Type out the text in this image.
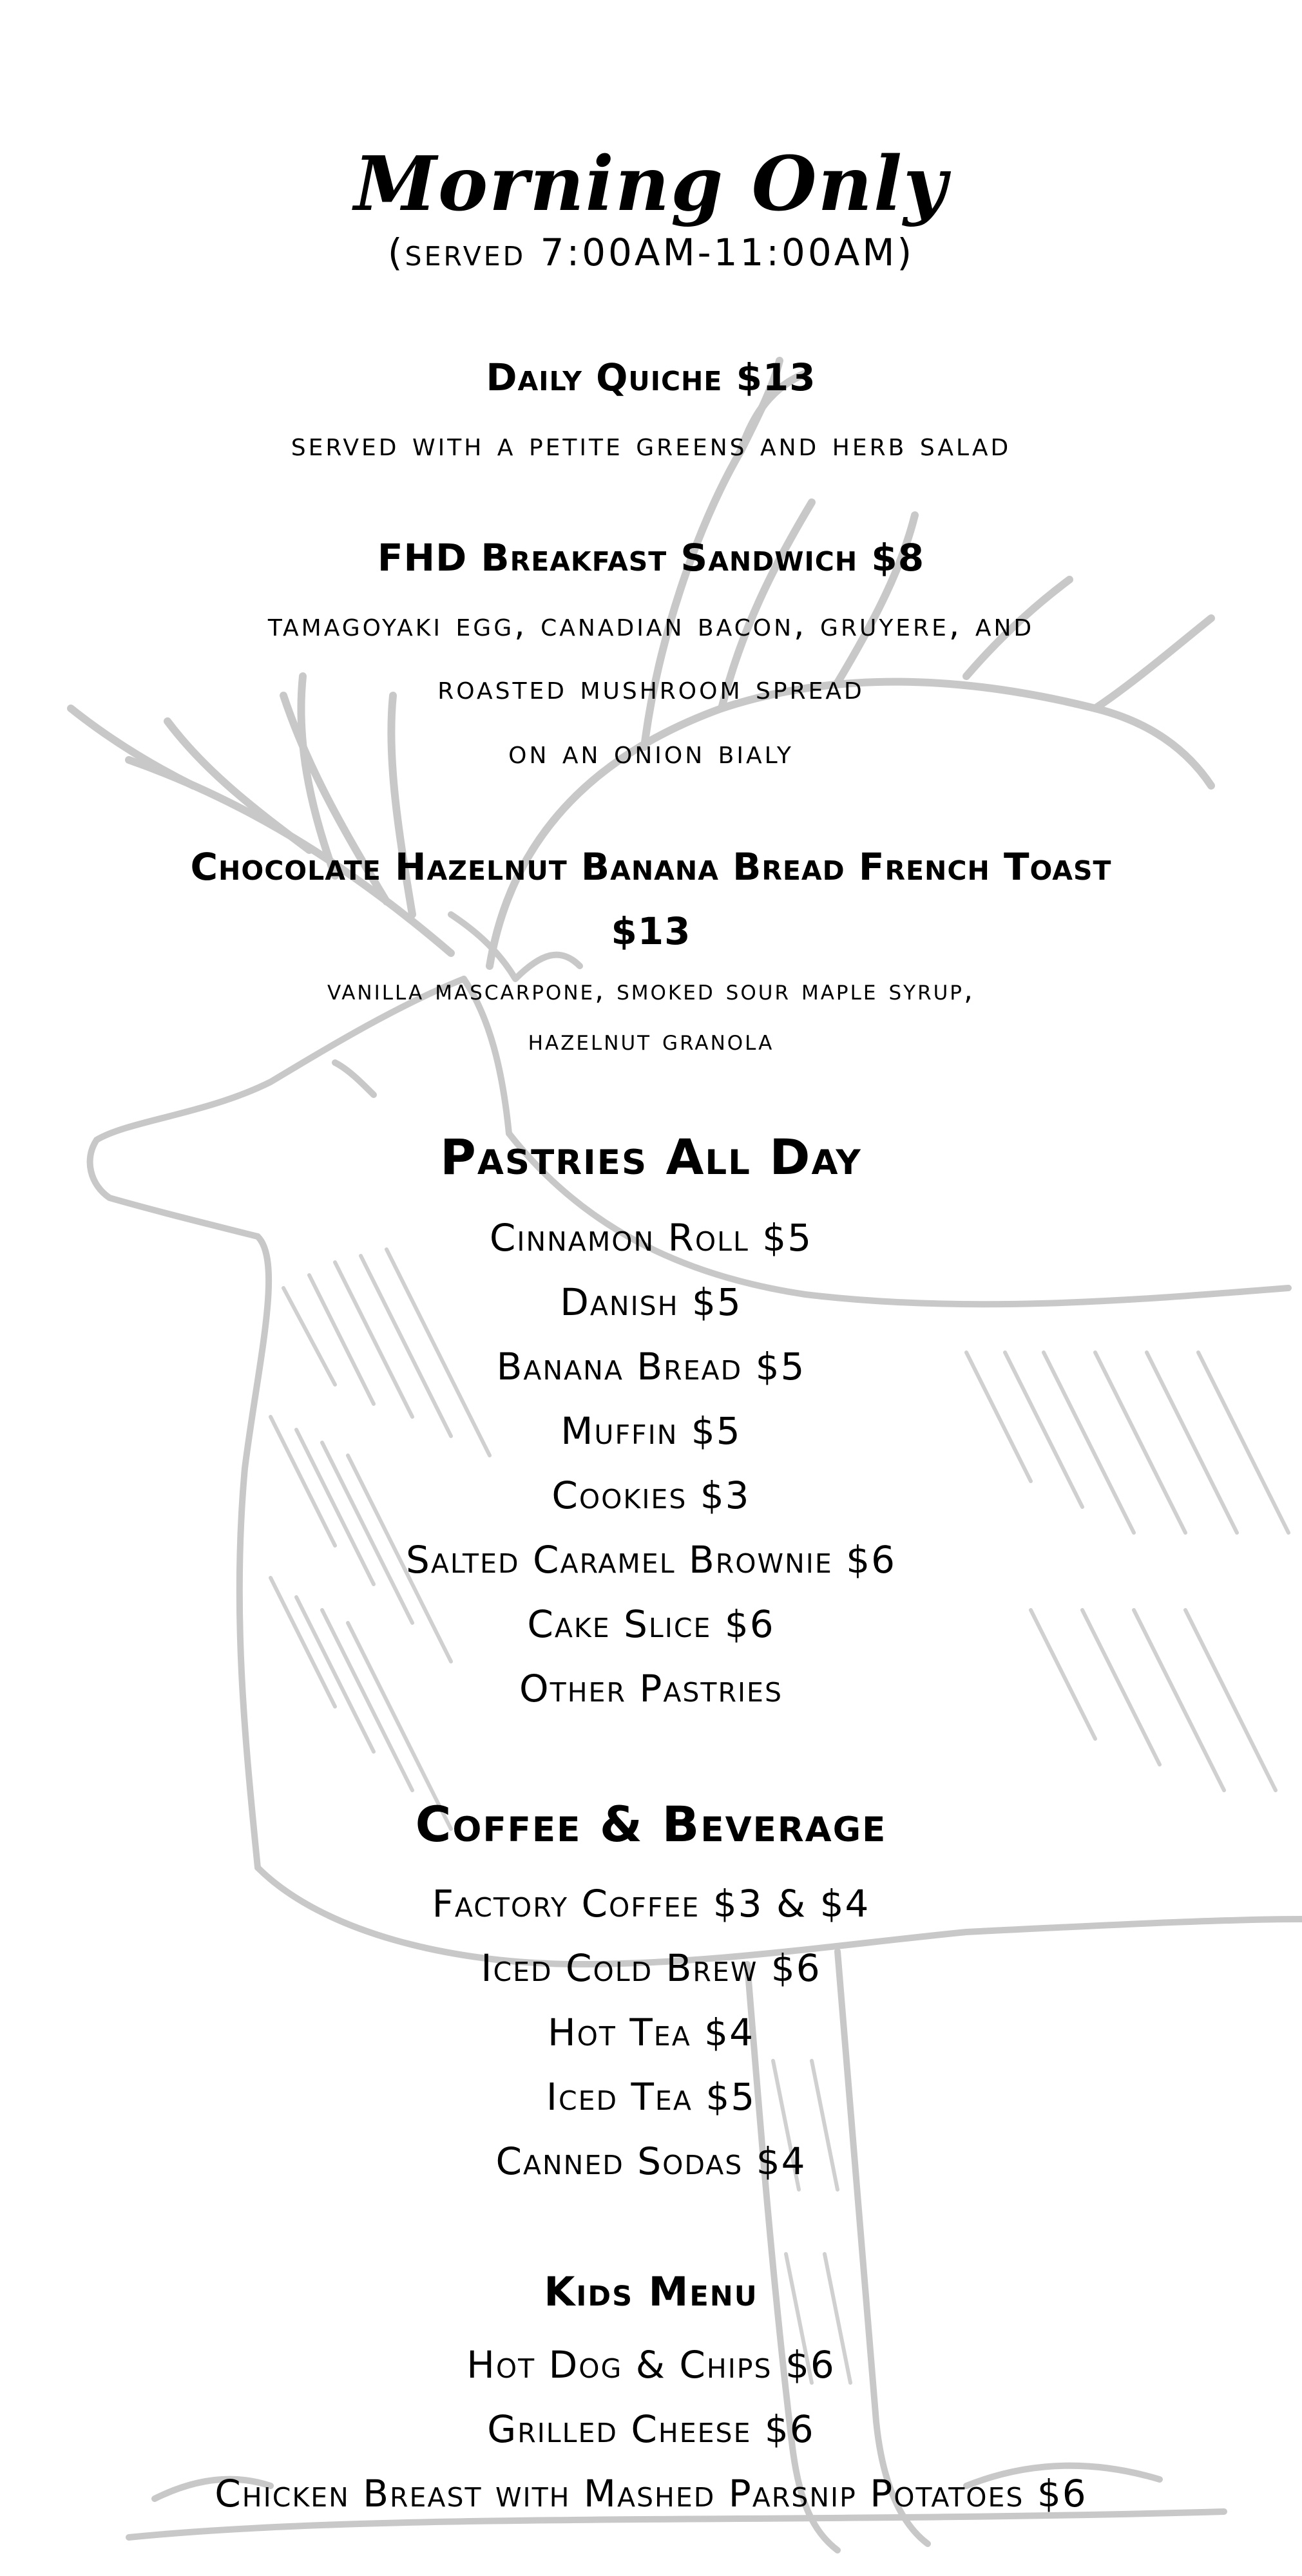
Morning Only
(served 7:00AM-11:00AM)
Daily Quiche $13
served with a petite greens and herb salad
FHD Breakfast Sandwich $8
tamagoyaki egg, canadian bacon, gruyere, and
roasted mushroom spread
on an onion bialy
Chocolate Hazelnut Banana Bread French Toast
$13
vanilla mascarpone, smoked sour maple syrup,
hazelnut granola
Pastries All Day
Cinnamon Roll $5
Danish $5
Banana Bread $5
Muffin $5
Cookies $3
Salted Caramel Brownie $6
Cake Slice $6
Other Pastries
Coffee & Beverage
Factory Coffee $3 & $4
Iced Cold Brew $6
Hot Tea $4
Iced Tea $5
Canned Sodas $4
Kids Menu
Hot Dog & Chips $6
Grilled Cheese $6
Chicken Breast with Mashed Parsnip Potatoes $6
